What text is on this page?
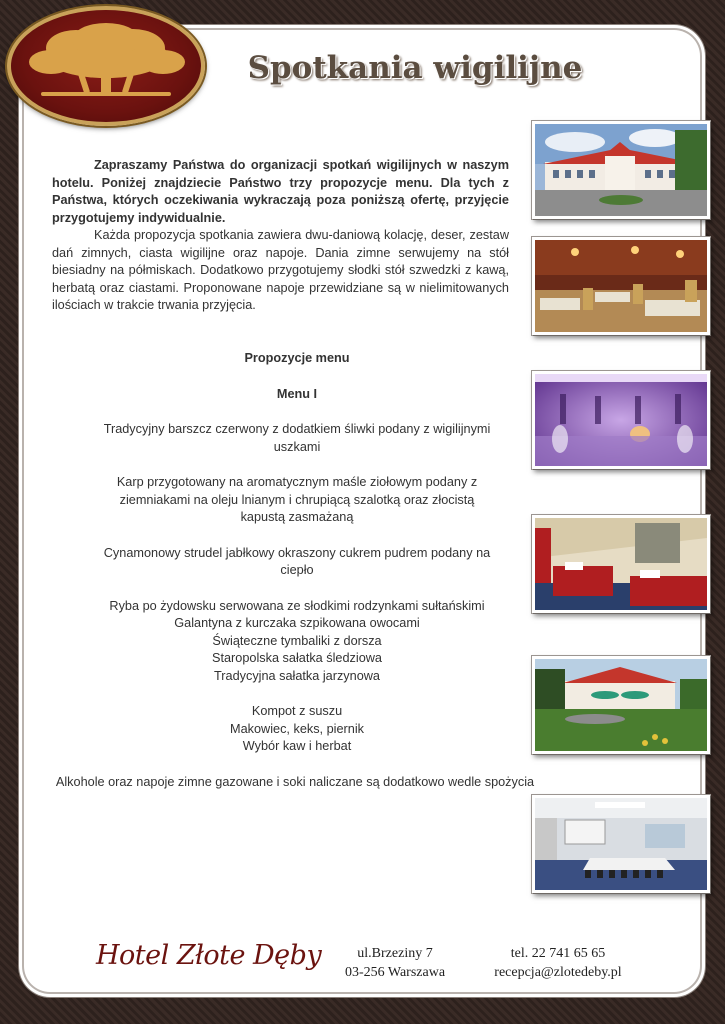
Spotkania wigilijne

Zapraszamy Państwa do organizacji spotkań wigilijnych w naszym hotelu. Poniżej znajdziecie Państwo trzy propozycje menu. Dla tych z Państwa, których oczekiwania wykraczają poza poniższą ofertę, przyjęcie przygotujemy indywidualnie.

Każda propozycja spotkania zawiera dwu-daniową kolację, deser, zestaw dań zimnych, ciasta wigilijne oraz napoje. Dania zimne serwujemy na stół biesiadny na półmiskach. Dodatkowo przygotujemy słodki stół szwedzki z kawą, herbatą oraz ciastami. Proponowane napoje przewidziane są w nielimitowanych ilościach w trakcie trwania przyjęcia.

Propozycje menu

Menu I

Tradycyjny barszcz czerwony z dodatkiem śliwki podany z wigilijnymi uszkami

Karp przygotowany na aromatycznym maśle ziołowym podany z ziemniakami na oleju lnianym i chrupiącą szalotką oraz złocistą kapustą zasmażaną

Cynamonowy strudel jabłkowy okraszony cukrem pudrem podany na ciepło

Ryba po żydowsku serwowana ze słodkimi rodzynkami sułtańskimi

Galantyna z kurczaka szpikowana owocami

Świąteczne tymbaliki z dorsza

Staropolska sałatka śledziowa

Tradycyjna sałatka jarzynowa

Kompot z suszu

Makowiec, keks, piernik

Wybór kaw i herbat

Alkohole oraz napoje zimne gazowane i soki naliczane są dodatkowo wedle spożycia

Hotel Złote Dęby	ul.Brzeziny 7
03-256 Warszawa
tel. 22 741 65 65
recepcja@zlotedeby.pl
